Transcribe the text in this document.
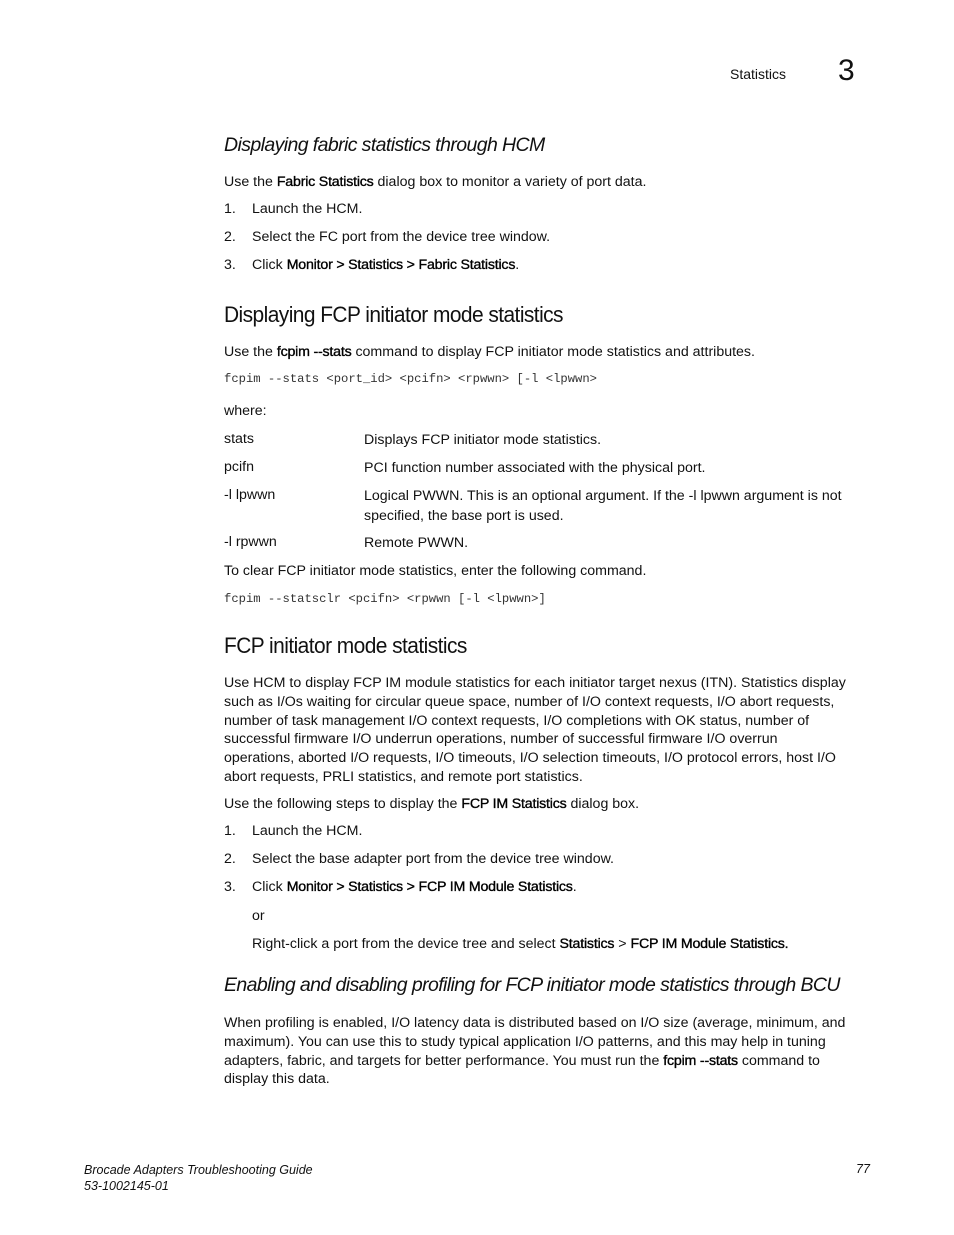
Statistics 3
Displaying fabric statistics through HCM
Use the Fabric Statistics dialog box to monitor a variety of port data.
1. Launch the HCM.
2. Select the FC port from the device tree window.
3. Click Monitor > Statistics > Fabric Statistics.
Displaying FCP initiator mode statistics
Use the fcpim --stats command to display FCP initiator mode statistics and attributes.
fcpim --stats <port_id> <pcifn> <rpwwn> [-l <lpwwn>
where:
stats	Displays FCP initiator mode statistics.
pcifn	PCI function number associated with the physical port.
-l lpwwn	Logical PWWN. This is an optional argument. If the -l lpwwn argument is not specified, the base port is used.
-l rpwwn	Remote PWWN.
To clear FCP initiator mode statistics, enter the following command.
fcpim --statsclr <pcifn> <rpwwn [-l <lpwwn>]
FCP initiator mode statistics

Use HCM to display FCP IM module statistics for each initiator target nexus (ITN). Statistics display

such as I/Os waiting for circular queue space, number of I/O context requests, I/O abort requests,

number of task management I/O context requests, I/O completions with OK status, number of

successful firmware I/O underrun operations, number of successful firmware I/O overrun

operations, aborted I/O requests, I/O timeouts, I/O selection timeouts, I/O protocol errors, host I/O

abort requests, PRLI statistics, and remote port statistics.

Use the following steps to display the FCP IM Statistics dialog box.
1. Launch the HCM.
2. Select the base adapter port from the device tree window.
3. Click Monitor > Statistics > FCP IM Module Statistics.
or
Right-click a port from the device tree and select Statistics > FCP IM Module Statistics.
Enabling and disabling profiling for FCP initiator mode statistics through BCU

When profiling is enabled, I/O latency data is distributed based on I/O size (average, minimum, and

maximum). You can use this to study typical application I/O patterns, and this may help in tuning

adapters, fabric, and targets for better performance. You must run the fcpim --stats command to

display this data.

Brocade Adapters Troubleshooting Guide
53-1002145-01
77
